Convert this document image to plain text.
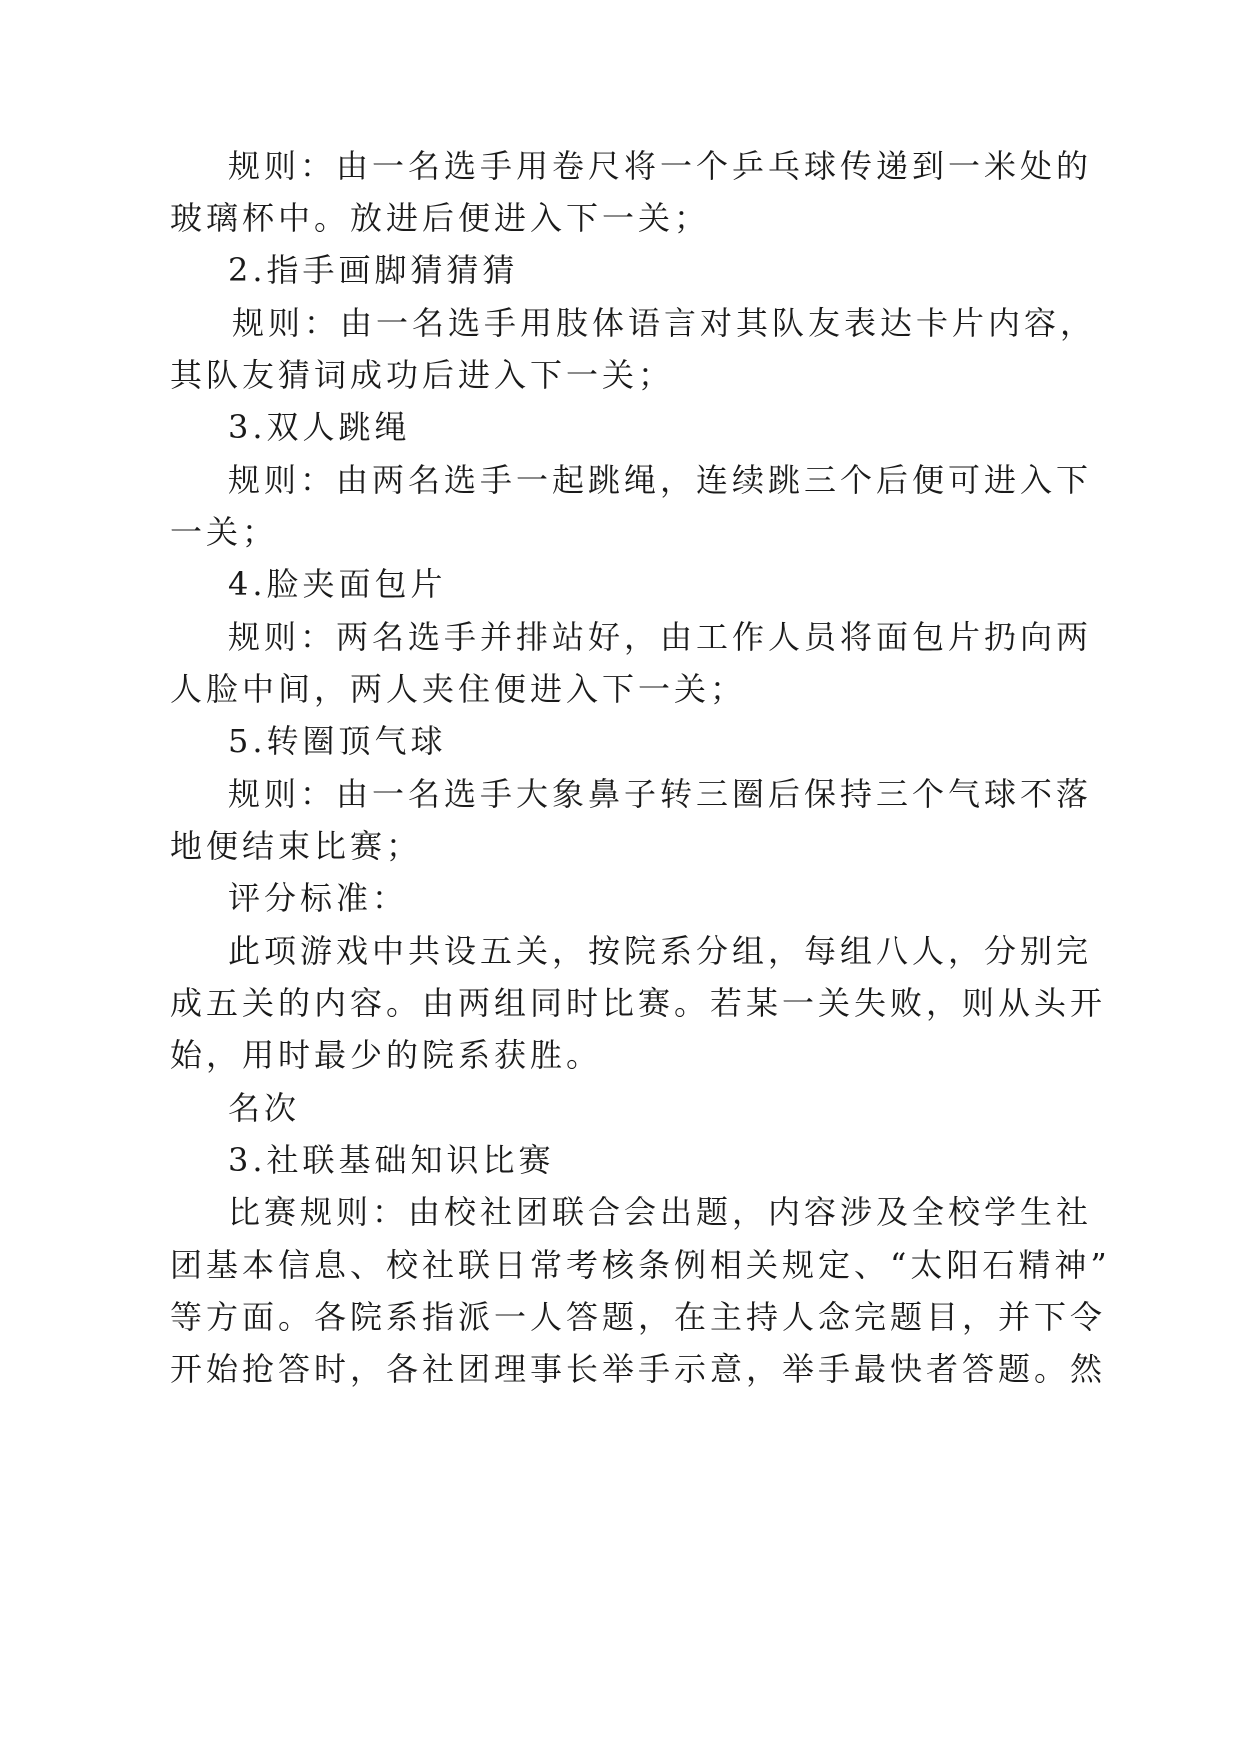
规则：由一名选手用卷尺将一个乒乓球传递到一米处的
玻璃杯中。放进后便进入下一关；
2.指手画脚猜猜猜
规则：由一名选手用肢体语言对其队友表达卡片内容，
其队友猜词成功后进入下一关；
3.双人跳绳
规则：由两名选手一起跳绳，连续跳三个后便可进入下
一关；
4.脸夹面包片
规则：两名选手并排站好，由工作人员将面包片扔向两
人脸中间，两人夹住便进入下一关；
5.转圈顶气球
规则：由一名选手大象鼻子转三圈后保持三个气球不落
地便结束比赛；
评分标准：
此项游戏中共设五关，按院系分组，每组八人，分别完
成五关的内容。由两组同时比赛。若某一关失败，则从头开
始，用时最少的院系获胜。
名次
3.社联基础知识比赛
比赛规则：由校社团联合会出题，内容涉及全校学生社
团基本信息、校社联日常考核条例相关规定、“太阳石精神”
等方面。各院系指派一人答题，在主持人念完题目，并下令
开始抢答时，各社团理事长举手示意，举手最快者答题。然
